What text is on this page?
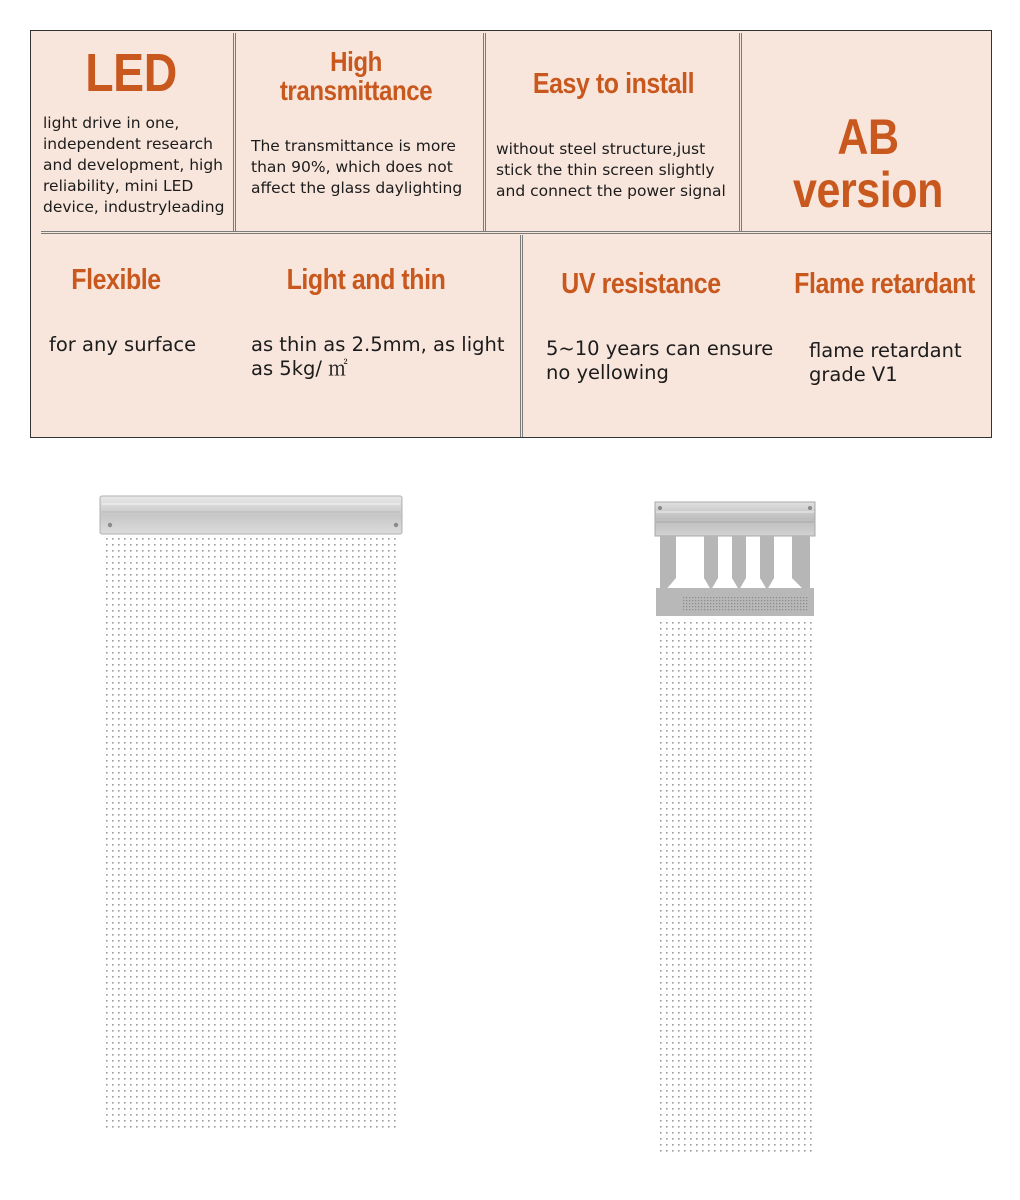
LED
light drive in one, independent research and development, high reliability, mini LED device, industryleading
High transmittance
The transmittance is more than 90%, which does not affect the glass daylighting
Easy to install
without steel structure,just stick the thin screen slightly and connect the power signal
AB version
Flexible
for any surface
Light and thin
as thin as 2.5mm, as light as 5kg/ ㎡
UV resistance
5~10 years can ensure no yellowing
Flame retardant
flame retardant grade V1
